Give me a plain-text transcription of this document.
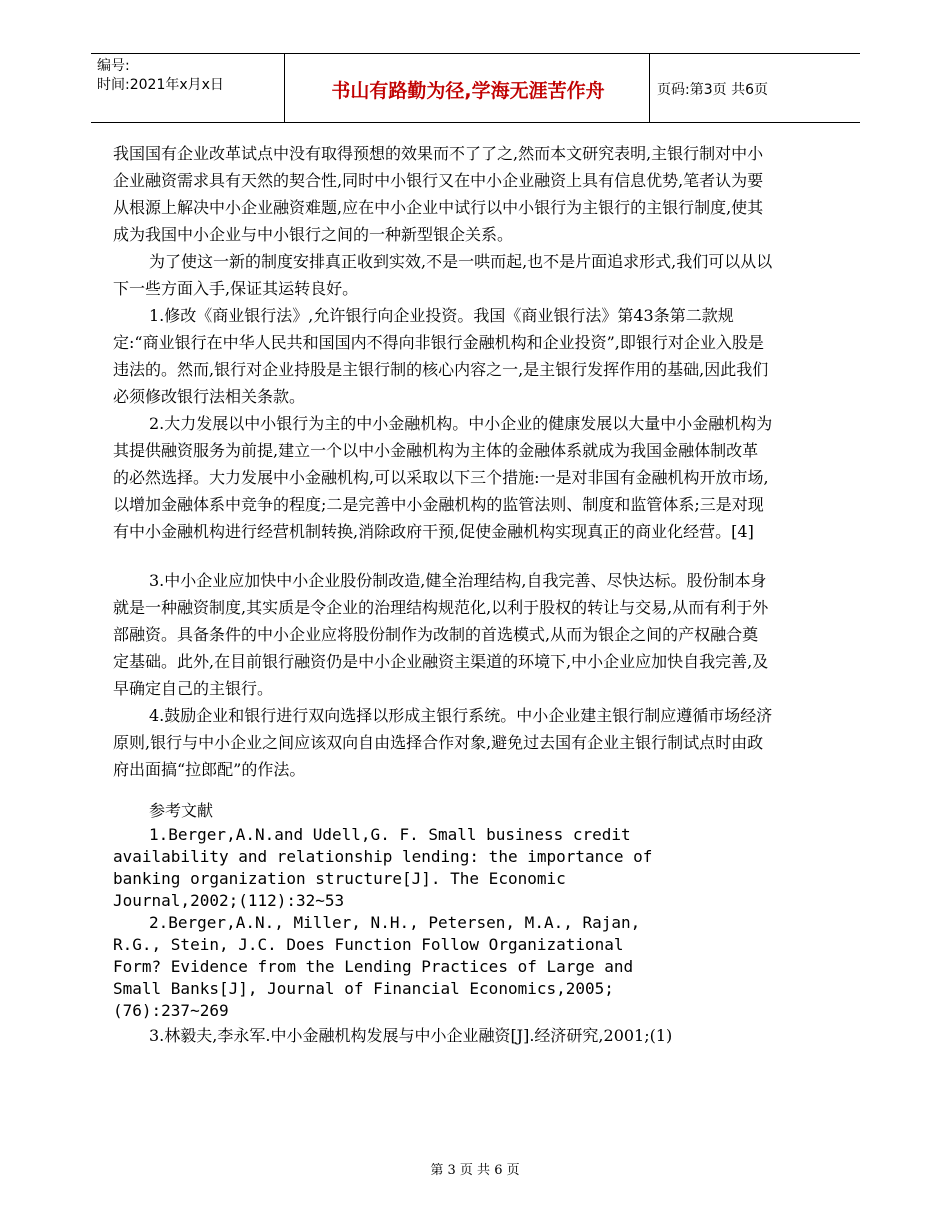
编号:
时间:2021年x月x日	书山有路勤为径,学海无涯苦作舟	页码:第3页 共6页

我国国有企业改革试点中没有取得预想的效果而不了了之,然而本文研究表明,主银行制对中小企业融资需求具有天然的契合性,同时中小银行又在中小企业融资上具有信息优势,笔者认为要从根源上解决中小企业融资难题,应在中小企业中试行以中小银行为主银行的主银行制度,使其成为我国中小企业与中小银行之间的一种新型银企关系。

为了使这一新的制度安排真正收到实效,不是一哄而起,也不是片面追求形式,我们可以从以下一些方面入手,保证其运转良好。

1.修改《商业银行法》,允许银行向企业投资。我国《商业银行法》第43条第二款规定:“商业银行在中华人民共和国国内不得向非银行金融机构和企业投资”,即银行对企业入股是违法的。然而,银行对企业持股是主银行制的核心内容之一,是主银行发挥作用的基础,因此我们必须修改银行法相关条款。

2.大力发展以中小银行为主的中小金融机构。中小企业的健康发展以大量中小金融机构为其提供融资服务为前提,建立一个以中小金融机构为主体的金融体系就成为我国金融体制改革的必然选择。大力发展中小金融机构,可以采取以下三个措施:一是对非国有金融机构开放市场,以增加金融体系中竞争的程度;二是完善中小金融机构的监管法则、制度和监管体系;三是对现有中小金融机构进行经营机制转换,消除政府干预,促使金融机构实现真正的商业化经营。[4]

3.中小企业应加快中小企业股份制改造,健全治理结构,自我完善、尽快达标。股份制本身就是一种融资制度,其实质是令企业的治理结构规范化,以利于股权的转让与交易,从而有利于外部融资。具备条件的中小企业应将股份制作为改制的首选模式,从而为银企之间的产权融合奠定基础。此外,在目前银行融资仍是中小企业融资主渠道的环境下,中小企业应加快自我完善,及早确定自己的主银行。

4.鼓励企业和银行进行双向选择以形成主银行系统。中小企业建主银行制应遵循市场经济原则,银行与中小企业之间应该双向自由选择合作对象,避免过去国有企业主银行制试点时由政府出面搞“拉郎配”的作法。

参考文献

1.Berger,A.N.and Udell,G. F. Small business credit

availability and relationship lending: the importance of

banking organization structure[J]. The Economic

Journal,2002;(112):32~53

2.Berger,A.N., Miller, N.H., Petersen, M.A., Rajan,

R.G., Stein, J.C. Does Function Follow Organizational

Form? Evidence from the Lending Practices of Large and

Small Banks[J], Journal of Financial Economics,2005;

(76):237~269

3.林毅夫,李永军.中小金融机构发展与中小企业融资[J].经济研究,2001;(1)

第 3 页 共 6 页
